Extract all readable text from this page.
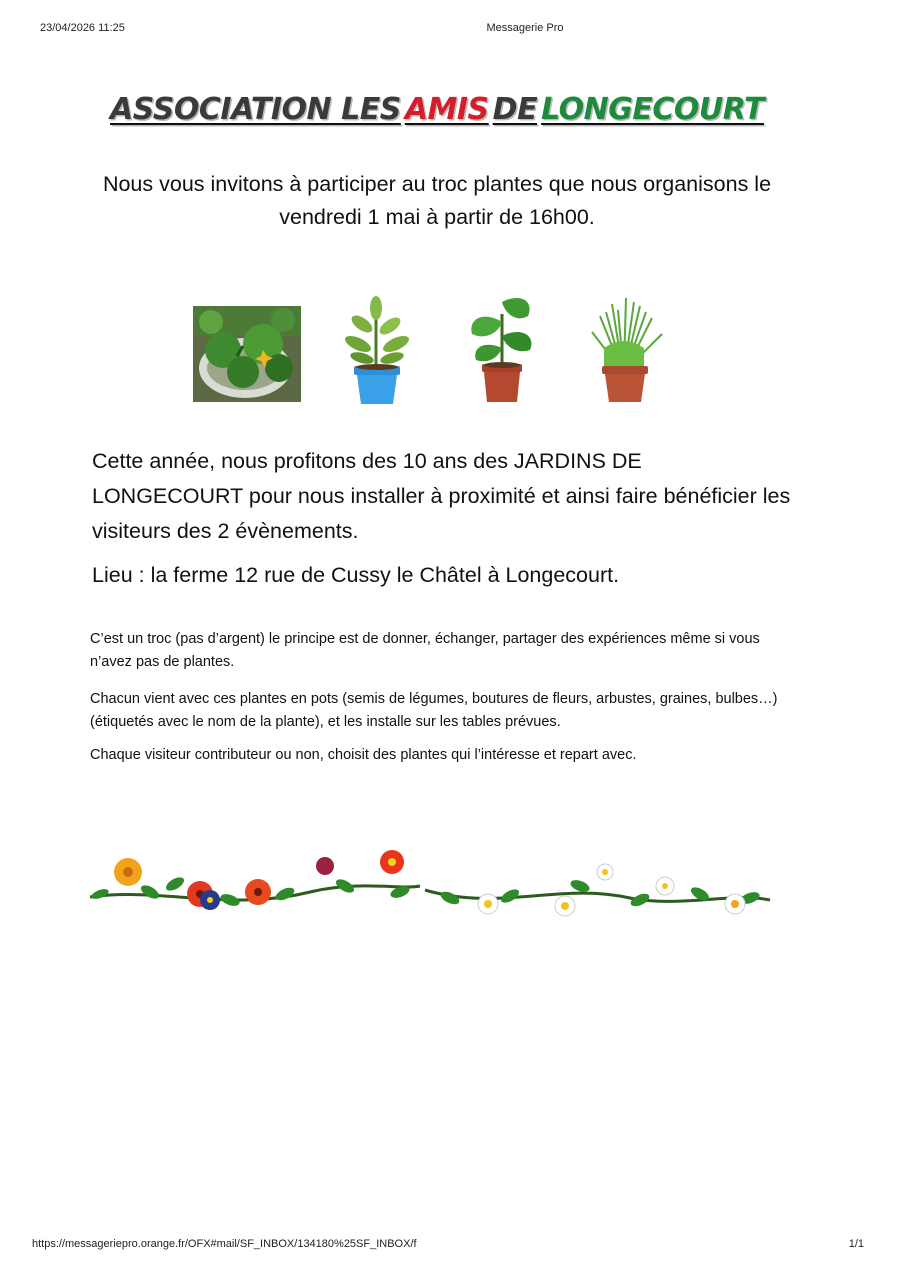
23/04/2026 11:25	Messagerie Pro
ASSOCIATION LES AMIS DE LONGECOURT
Nous vous invitons à participer au troc plantes que nous organisons le vendredi 1 mai à partir de 16h00.
Cette année, nous profitons des 10 ans des JARDINS DE LONGECOURT pour nous installer à proximité et ainsi faire bénéficier les visiteurs des 2 évènements.
Lieu : la ferme 12 rue de Cussy le Châtel à Longecourt.
C’est un troc (pas d’argent) le principe est de donner, échanger, partager des expériences même si vous n’avez pas de plantes.
Chacun vient avec ces plantes en pots (semis de légumes, boutures de fleurs, arbustes, graines, bulbes…) (étiquetés avec le nom de la plante), et les installe sur les tables prévues.
Chaque visiteur contributeur ou non, choisit des plantes qui l’intéresse et repart avec.
https://messageriepro.orange.fr/OFX#mail/SF_INBOX/134180%25SF_INBOX/f	1/1
